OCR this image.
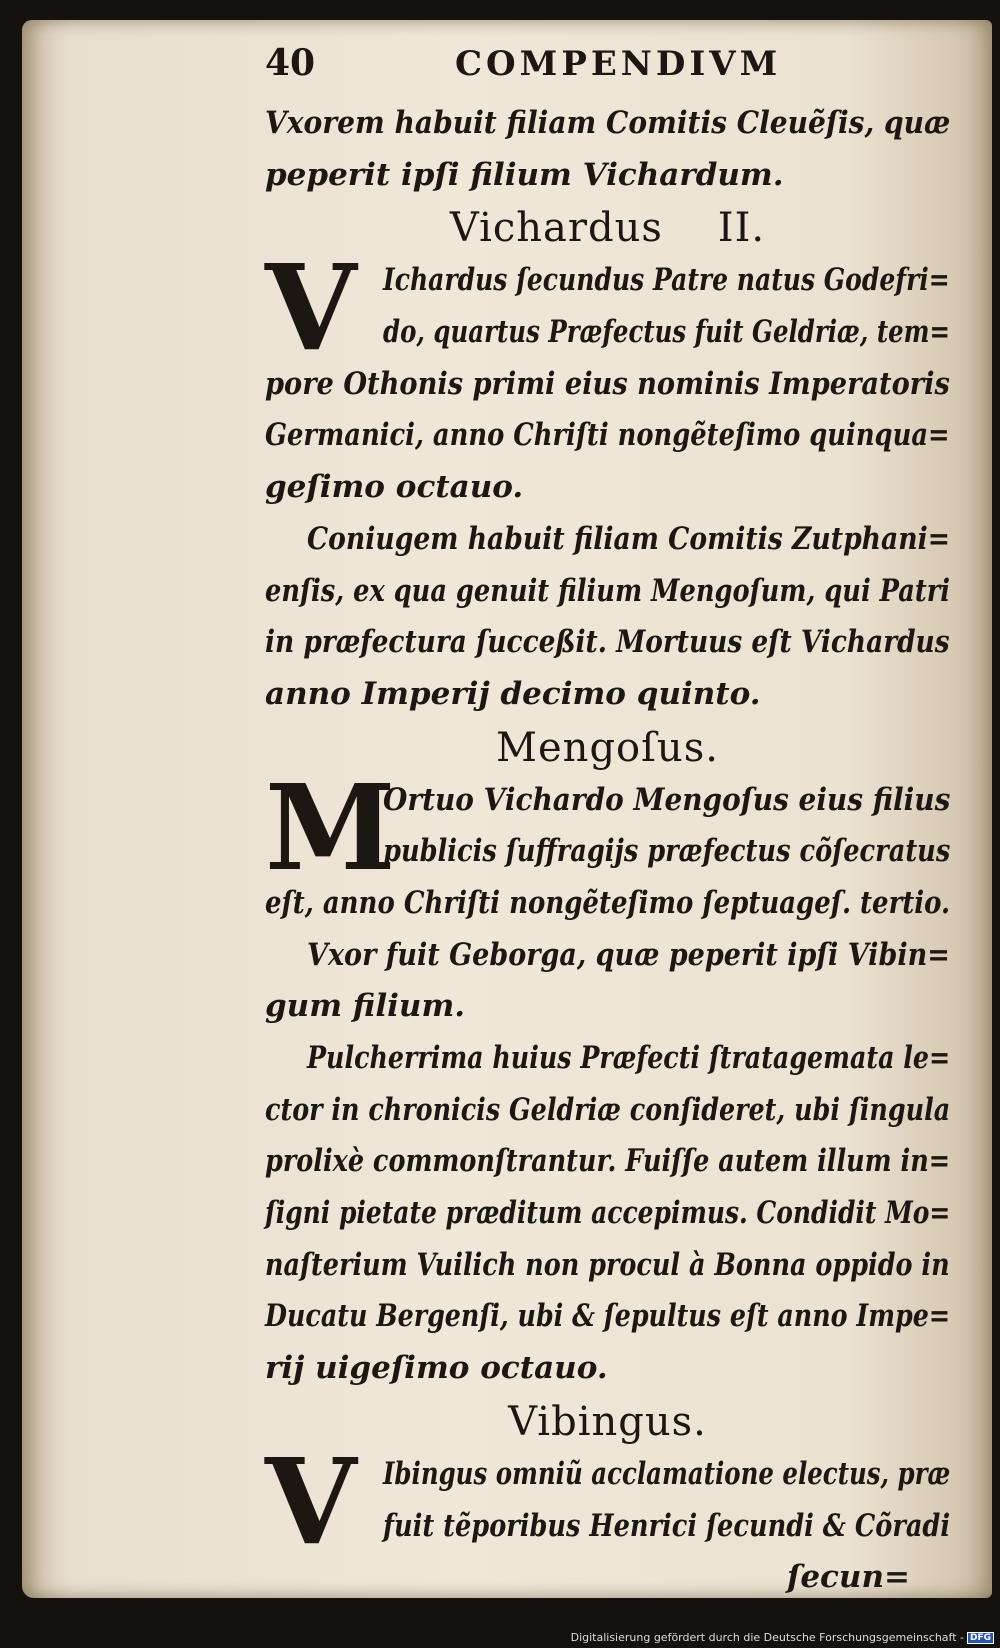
40	COMPENDIVM
Vxorem habuit filiam Comitis Cleuẽſis, quæ
peperit ipſi filium Vichardum.
Vichardus    II.
V Ichardus ſecundus Patre natus Godefri=
do, quartus Præfectus fuit Geldriæ, tem=
pore Othonis primi eius nominis Imperatoris
Germanici, anno Chriſti nongẽteſimo quinqua=
geſimo octauo.
Coniugem habuit filiam Comitis Zutphani=
enſis, ex qua genuit filium Mengoſum, qui Patri
in præfectura ſucceßit. Mortuus eſt Vichardus
anno Imperij decimo quinto.
Mengoſus.
M
Ortuo Vichardo Mengoſus eius filius
publicis ſuffragijs præfectus cõſecratus
eſt, anno Chriſti nongẽteſimo ſeptuageſ. tertio.
Vxor fuit Geborga, quæ peperit ipſi Vibin=
gum filium.
Pulcherrima huius Præfecti ſtratagemata le=
ctor in chronicis Geldriæ conſideret, ubi ſingula
prolixè commonſtrantur. Fuiſſe autem illum in=
ſigni pietate præditum accepimus. Condidit Mo=
naſterium Vuilich non procul à Bonna oppido in
Ducatu Bergenſi, ubi & ſepultus eſt anno Impe=
rij uigeſimo octauo.
Vibingus.
V Ibingus omniũ acclamatione electus, præ
fuit tẽporibus Henrici ſecundi & Cõradi
ſecun=
Digitalisierung gefördert durch die Deutsche Forschungsgemeinschaft - DFG
